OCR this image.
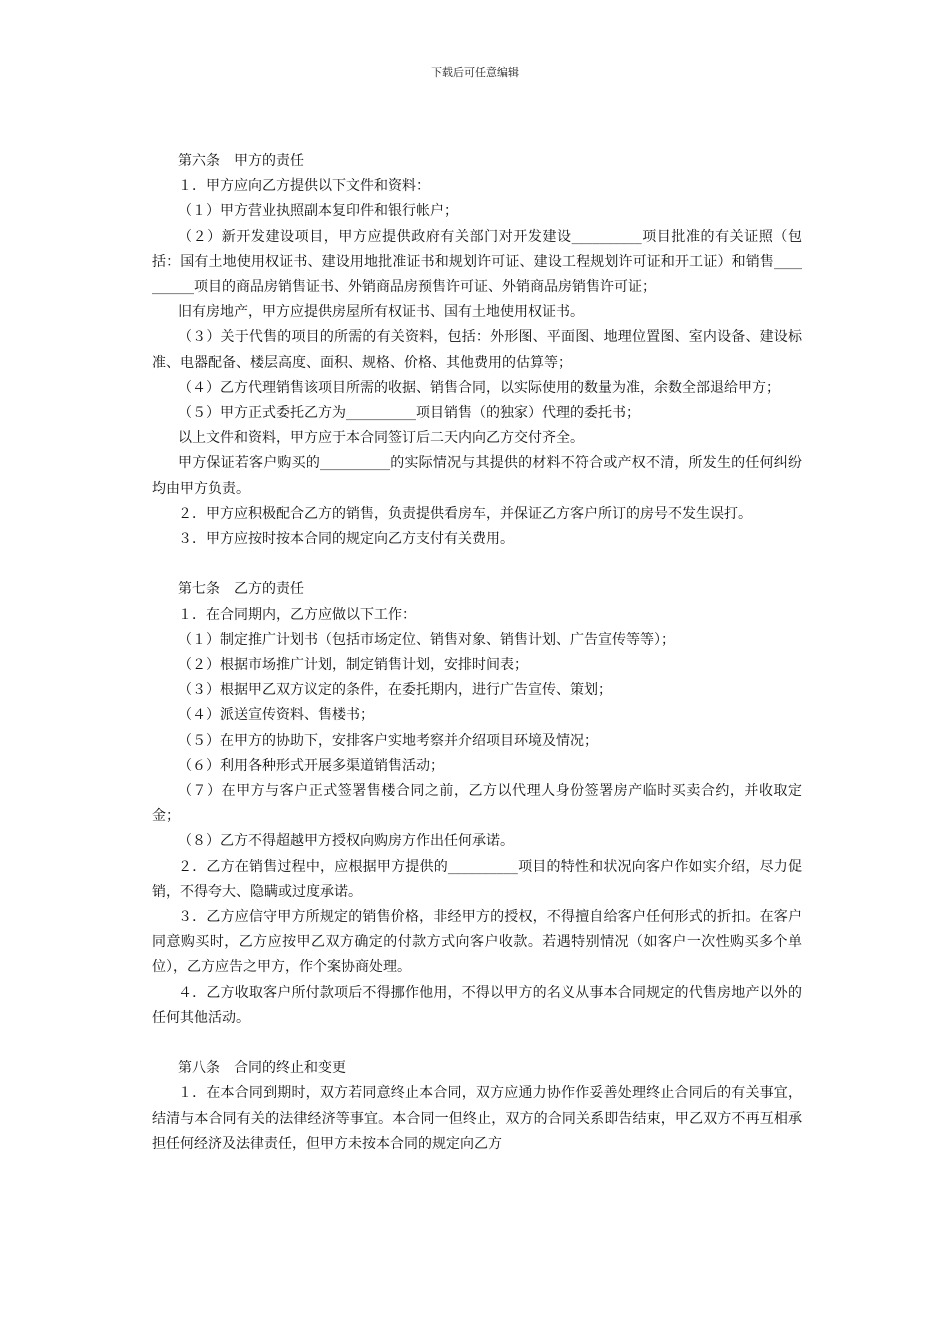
下载后可任意编辑
第六条　甲方的责任
１．甲方应向乙方提供以下文件和资料：
（１）甲方营业执照副本复印件和银行帐户；
（２）新开发建设项目，甲方应提供政府有关部门对开发建设__________项目批准的有关证照（包括：国有土地使用权证书、建设用地批准证书和规划许可证、建设工程规划许可证和开工证）和销售__________项目的商品房销售证书、外销商品房预售许可证、外销商品房销售许可证；
旧有房地产，甲方应提供房屋所有权证书、国有土地使用权证书。
（３）关于代售的项目的所需的有关资料，包括：外形图、平面图、地理位置图、室内设备、建设标准、电器配备、楼层高度、面积、规格、价格、其他费用的估算等；
（４）乙方代理销售该项目所需的收据、销售合同，以实际使用的数量为准，余数全部退给甲方；
（５）甲方正式委托乙方为__________项目销售（的独家）代理的委托书；
以上文件和资料，甲方应于本合同签订后二天内向乙方交付齐全。
甲方保证若客户购买的__________的实际情况与其提供的材料不符合或产权不清，所发生的任何纠纷均由甲方负责。
２．甲方应积极配合乙方的销售，负责提供看房车，并保证乙方客户所订的房号不发生误打。
３．甲方应按时按本合同的规定向乙方支付有关费用。
第七条　乙方的责任
１．在合同期内，乙方应做以下工作：
（１）制定推广计划书（包括市场定位、销售对象、销售计划、广告宣传等等）；
（２）根据市场推广计划，制定销售计划，安排时间表；
（３）根据甲乙双方议定的条件，在委托期内，进行广告宣传、策划；
（４）派送宣传资料、售楼书；
（５）在甲方的协助下，安排客户实地考察并介绍项目环境及情况；
（６）利用各种形式开展多渠道销售活动；
（７）在甲方与客户正式签署售楼合同之前，乙方以代理人身份签署房产临时买卖合约，并收取定金；
（８）乙方不得超越甲方授权向购房方作出任何承诺。
２．乙方在销售过程中，应根据甲方提供的__________项目的特性和状况向客户作如实介绍，尽力促销，不得夸大、隐瞒或过度承诺。
３．乙方应信守甲方所规定的销售价格，非经甲方的授权，不得擅自给客户任何形式的折扣。在客户同意购买时，乙方应按甲乙双方确定的付款方式向客户收款。若遇特别情况（如客户一次性购买多个单位），乙方应告之甲方，作个案协商处理。
４．乙方收取客户所付款项后不得挪作他用，不得以甲方的名义从事本合同规定的代售房地产以外的任何其他活动。
第八条　合同的终止和变更
１．在本合同到期时，双方若同意终止本合同，双方应通力协作作妥善处理终止合同后的有关事宜，结清与本合同有关的法律经济等事宜。本合同一但终止，双方的合同关系即告结束，甲乙双方不再互相承担任何经济及法律责任，但甲方未按本合同的规定向乙方
